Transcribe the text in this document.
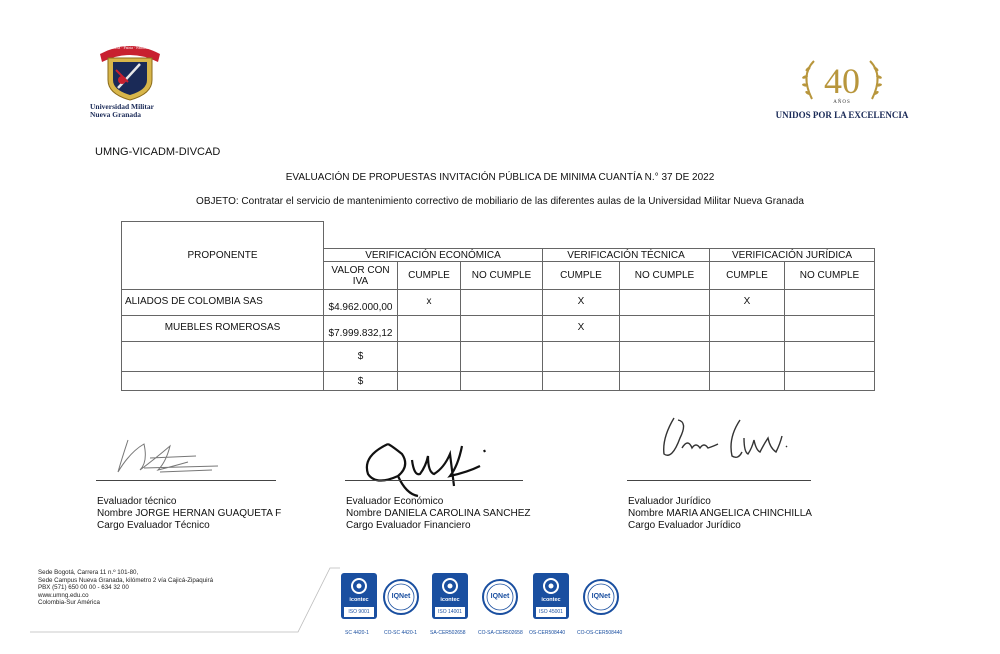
Ciencia · Patria · Familia
Universidad Militar
Nueva Granada
40
AÑOS
UNIDOS POR LA EXCELENCIA
UMNG-VICADM-DIVCAD
EVALUACIÓN DE PROPUESTAS INVITACIÓN PÚBLICA DE MINIMA CUANTÍA N.° 37 DE 2022
OBJETO: Contratar el servicio de mantenimiento correctivo de mobiliario de las diferentes aulas de la Universidad Militar Nueva Granada
PROPONENTE							
	VERIFICACIÓN ECONÓMICA			VERIFICACIÓN TÉCNICA		VERIFICACIÓN JURÍDICA	
	VALOR CON IVA	CUMPLE	NO CUMPLE	CUMPLE	NO CUMPLE	CUMPLE	NO CUMPLE
ALIADOS DE COLOMBIA SAS	$4.962.000,00	x		X		X	
MUEBLES ROMEROSAS	$7.999.832,12			X			
	$						
	$						
Evaluador técnico
Nombre JORGE HERNAN GUAQUETA F
Cargo Evaluador Técnico
Evaluador Económico
Nombre DANIELA CAROLINA SANCHEZ
Cargo Evaluador Financiero
Evaluador Jurídico
Nombre MARIA ANGELICA CHINCHILLA
Cargo Evaluador Jurídico
Sede Bogotá, Carrera 11 n.º 101-80,
Sede Campus Nueva Granada, kilómetro 2 vía Cajicá-Zipaquirá
PBX (571) 650 00 00 - 634 32 00
www.umng.edu.co
Colombia-Sur América	icontec
ISO 9001
IQNet	icontec
ISO 14001
IQNet	icontec
ISO 45001
IQNet
SC 4420-1	CO-SC 4420-1	SA-CER502658 CO-SA-CER502658 OS-CER508440 CO-OS-CER508440
